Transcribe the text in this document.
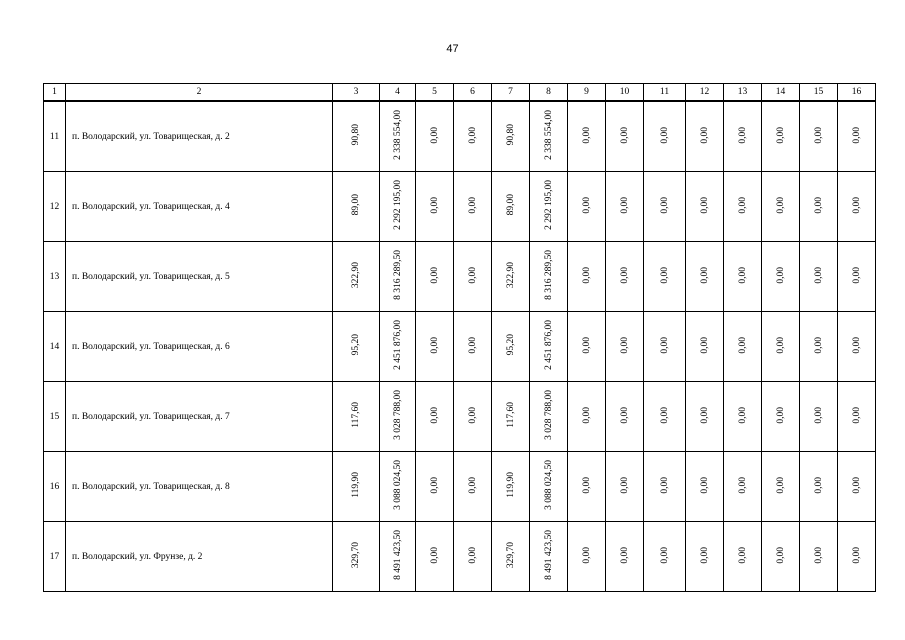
47
1	2	3	4	5	6	7	8	9	10	11	12	13	14	15	16
11	п. Володарский, ул. Товарищеская, д. 2	90,80	2 338 554,00	0,00	0,00	90,80	2 338 554,00	0,00	0,00	0,00	0,00	0,00	0,00	0,00	0,00
12	п. Володарский, ул. Товарищеская, д. 4	89,00	2 292 195,00	0,00	0,00	89,00	2 292 195,00	0,00	0,00	0,00	0,00	0,00	0,00	0,00	0,00
13	п. Володарский, ул. Товарищеская, д. 5	322,90	8 316 289,50	0,00	0,00	322,90	8 316 289,50	0,00	0,00	0,00	0,00	0,00	0,00	0,00	0,00
14	п. Володарский, ул. Товарищеская, д. 6	95,20	2 451 876,00	0,00	0,00	95,20	2 451 876,00	0,00	0,00	0,00	0,00	0,00	0,00	0,00	0,00
15	п. Володарский, ул. Товарищеская, д. 7	117,60	3 028 788,00	0,00	0,00	117,60	3 028 788,00	0,00	0,00	0,00	0,00	0,00	0,00	0,00	0,00
16	п. Володарский, ул. Товарищеская, д. 8	119,90	3 088 024,50	0,00	0,00	119,90	3 088 024,50	0,00	0,00	0,00	0,00	0,00	0,00	0,00	0,00
17	п. Володарский, ул. Фрунзе, д. 2	329,70	8 491 423,50	0,00	0,00	329,70	8 491 423,50	0,00	0,00	0,00	0,00	0,00	0,00	0,00	0,00
